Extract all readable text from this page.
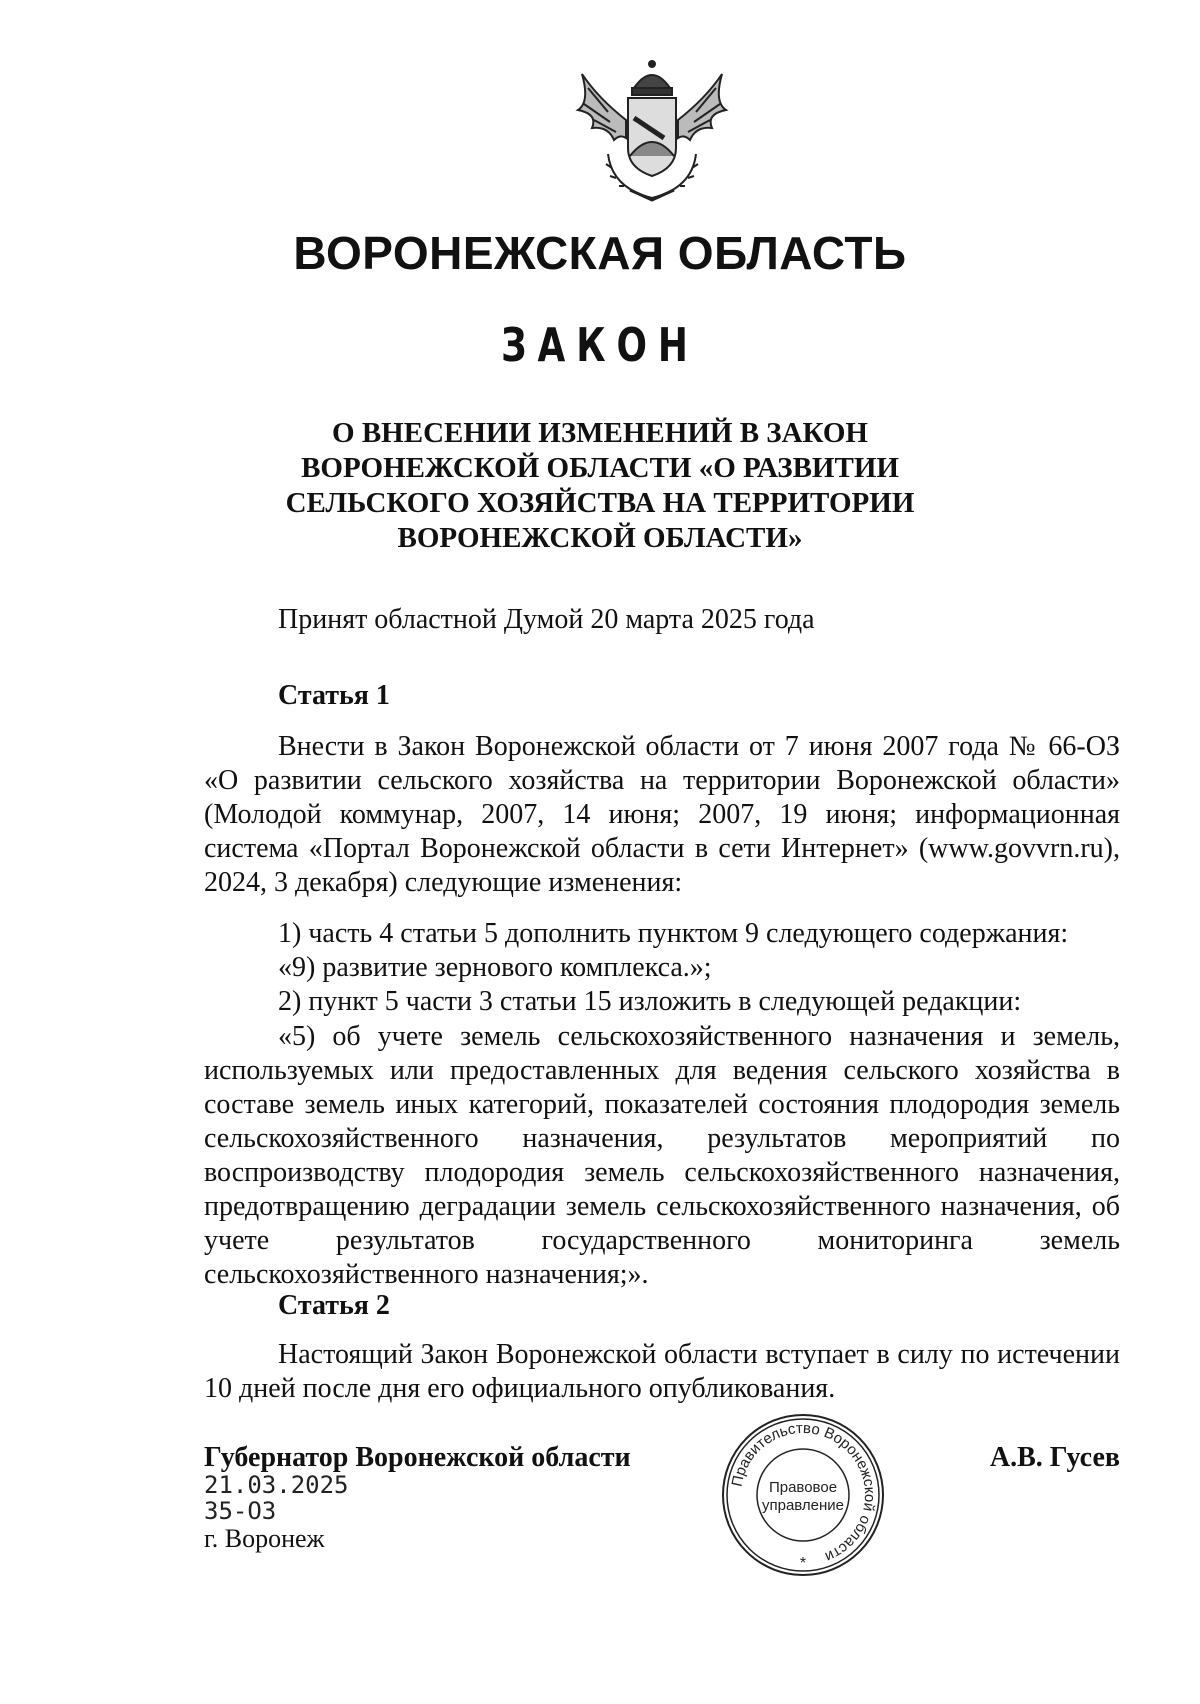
ВОРОНЕЖСКАЯ ОБЛАСТЬ
ЗАКОН
О ВНЕСЕНИИ ИЗМЕНЕНИЙ В ЗАКОН
ВОРОНЕЖСКОЙ ОБЛАСТИ «О РАЗВИТИИ
СЕЛЬСКОГО ХОЗЯЙСТВА НА ТЕРРИТОРИИ
ВОРОНЕЖСКОЙ ОБЛАСТИ»

Принят областной Думой 20 марта 2025 года

Статья 1

Внести в Закон Воронежской области от 7 июня 2007 года № 66-ОЗ «О развитии сельского хозяйства на территории Воронежской области» (Молодой коммунар, 2007, 14 июня; 2007, 19 июня; информационная система «Портал Воронежской области в сети Интернет» (www.govvrn.ru), 2024, 3 декабря) следующие изменения:

1) часть 4 статьи 5 дополнить пунктом 9 следующего содержания:

«9) развитие зернового комплекса.»;

2) пункт 5 части 3 статьи 15 изложить в следующей редакции:

«5) об учете земель сельскохозяйственного назначения и земель, используемых или предоставленных для ведения сельского хозяйства в составе земель иных категорий, показателей состояния плодородия земель сельскохозяйственного назначения, результатов мероприятий по воспроизводству плодородия земель сельскохозяйственного назначения, предотвращению деградации земель сельскохозяйственного назначения, об учете результатов государственного мониторинга земель сельскохозяйственного назначения;».

Статья 2

Настоящий Закон Воронежской области вступает в силу по истечении 10 дней после дня его официального опубликования.

Губернатор Воронежской области	А.В. Гусев

21.03.2025

35-ОЗ

г. Воронеж

Правительство Воронежской области
Правовое
управление
*
